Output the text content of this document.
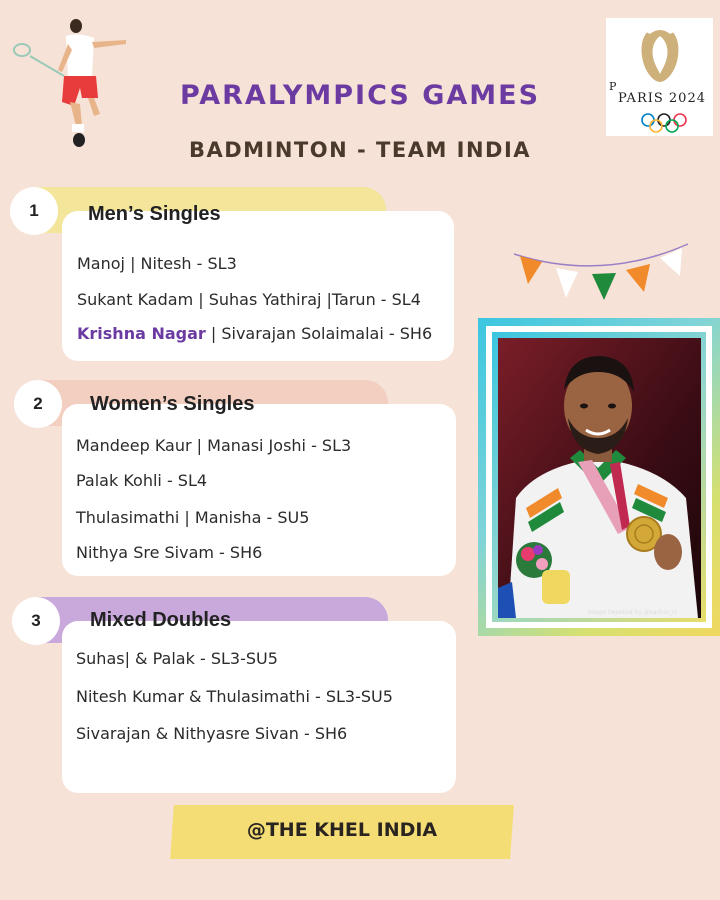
PARALYMPICS GAMES
BADMINTON - TEAM INDIA
P
PARIS 2024
1	Men’s Singles
Manoj | Nitesh - SL3
Sukant Kadam | Suhas Yathiraj |Tarun - SL4
Krishna Nagar | Sivarajan Solaimalai - SH6
2	Women’s Singles
Mandeep Kaur | Manasi Joshi - SL3
Palak Kohli - SL4
Thulasimathi | Manisha - SU5
Nithya Sre Sivam - SH6
3	Mixed Doubles
Suhas| & Palak - SL3-SU5
Nitesh Kumar & Thulasimathi - SL3-SU5
Sivarajan & Nithyasre Sivan - SH6
Image tweeted by @sachin_rt
@THE KHEL INDIA
